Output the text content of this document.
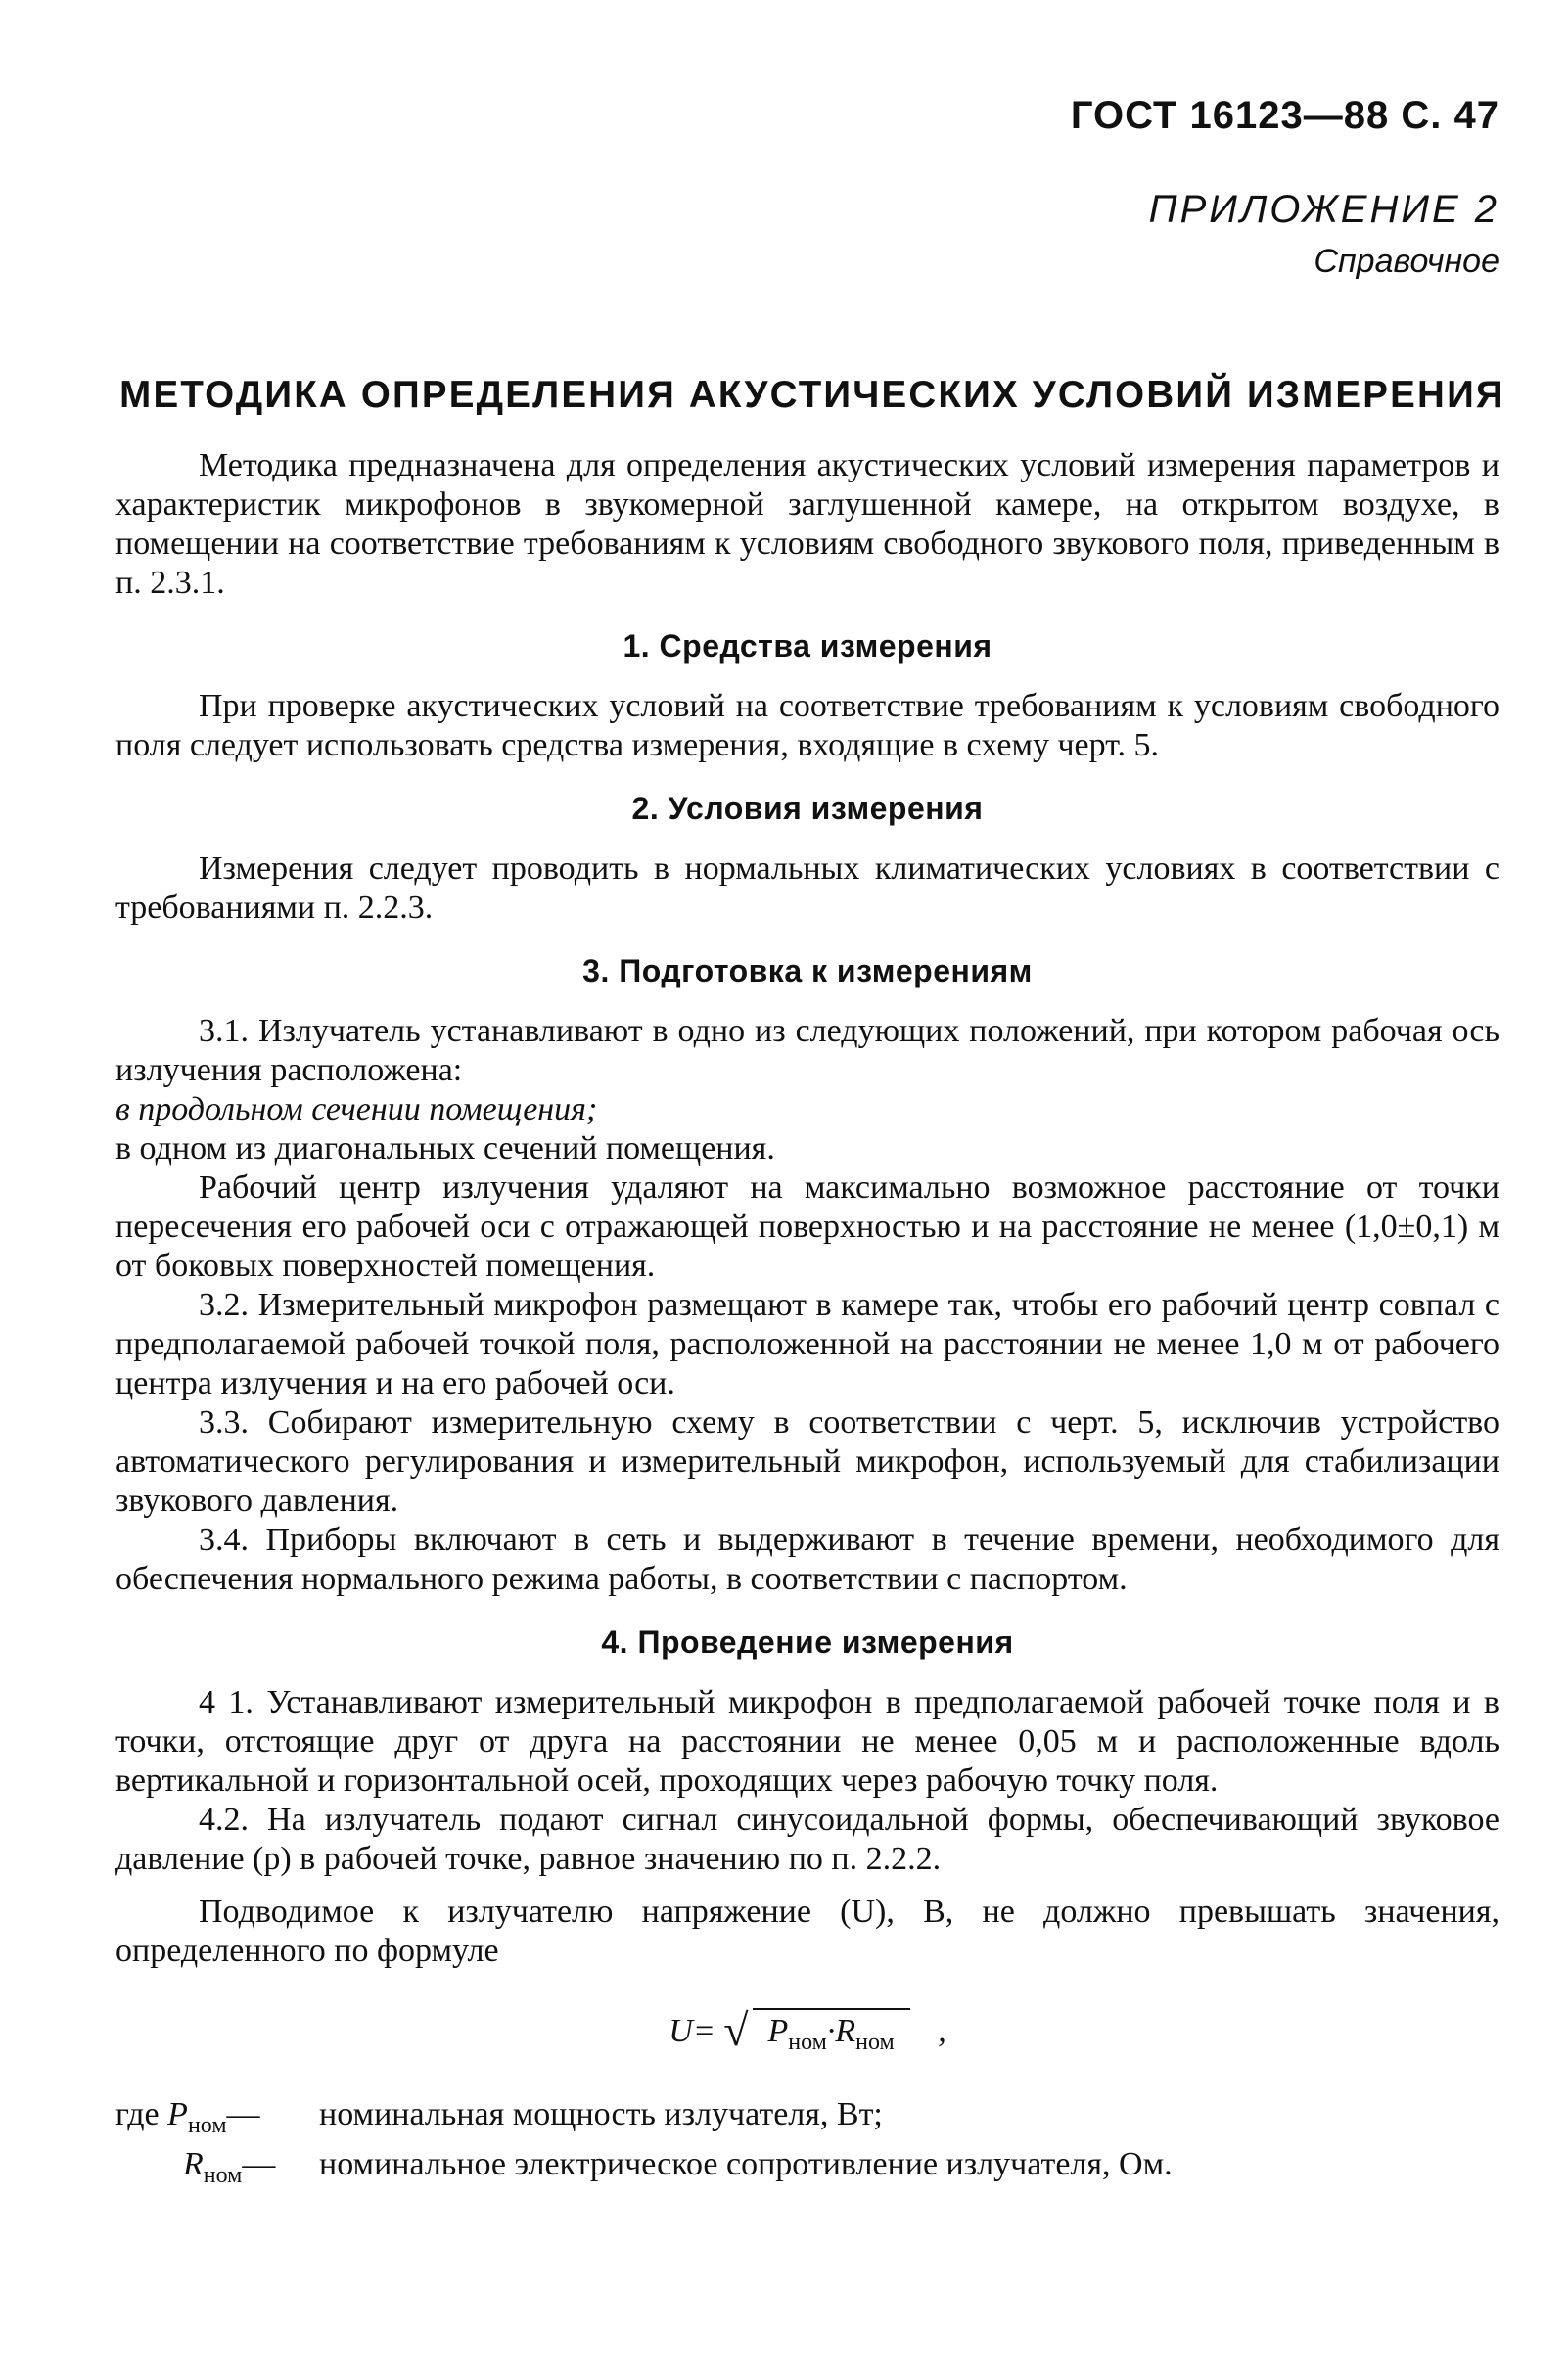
ГОСТ 16123—88 С. 47
ПРИЛОЖЕНИЕ 2
Справочное
МЕТОДИКА ОПРЕДЕЛЕНИЯ АКУСТИЧЕСКИХ УСЛОВИЙ ИЗМЕРЕНИЯ

Методика предназначена для определения акустических условий измерения параметров и характеристик микрофонов в звукомерной заглушенной камере, на открытом воздухе, в помещении на соответствие требованиям к условиям свободного звукового поля, приведенным в п. 2.3.1.

1. Средства измерения

При проверке акустических условий на соответствие требованиям к условиям свободного поля следует использовать средства измерения, входящие в схему черт. 5.

2. Условия измерения

Измерения следует проводить в нормальных климатических условиях в соответствии с требованиями п. 2.2.3.

3. Подготовка к измерениям

3.1. Излучатель устанавливают в одно из следующих положений, при котором рабочая ось излучения расположена:

в продольном сечении помещения;

в одном из диагональных сечений помещения.

Рабочий центр излучения удаляют на максимально возможное расстояние от точки пересечения его рабочей оси с отражающей поверхностью и на расстояние не менее (1,0±0,1) м от боковых поверхностей помещения.

3.2. Измерительный микрофон размещают в камере так, чтобы его рабочий центр совпал с предполагаемой рабочей точкой поля, расположенной на расстоянии не менее 1,0 м от рабочего центра излучения и на его рабочей оси.

3.3. Собирают измерительную схему в соответствии с черт. 5, исключив устройство автоматического регулирования и измерительный микрофон, используемый для стабилизации звукового давления.

3.4. Приборы включают в сеть и выдерживают в течение времени, необходимого для обеспечения нормального режима работы, в соответствии с паспортом.

4. Проведение измерения

4 1. Устанавливают измерительный микрофон в предполагаемой рабочей точке поля и в точки, отстоящие друг от друга на расстоянии не менее 0,05 м и расположенные вдоль вертикальной и горизонтальной осей, проходящих через рабочую точку поля.

4.2. На излучатель подают сигнал синусоидальной формы, обеспечивающий звуковое давление (р) в рабочей точке, равное значению по п. 2.2.2.

Подводимое к излучателю напряжение (U), В, не должно превышать значения, определенного по формуле

U= √ $P_{ном}\cdot R_{ном}$ ,
где $P_{ном}—$	номинальная мощность излучателя, Вт;
$R_{ном}—$	номинальное электрическое сопротивление излучателя, Ом.
